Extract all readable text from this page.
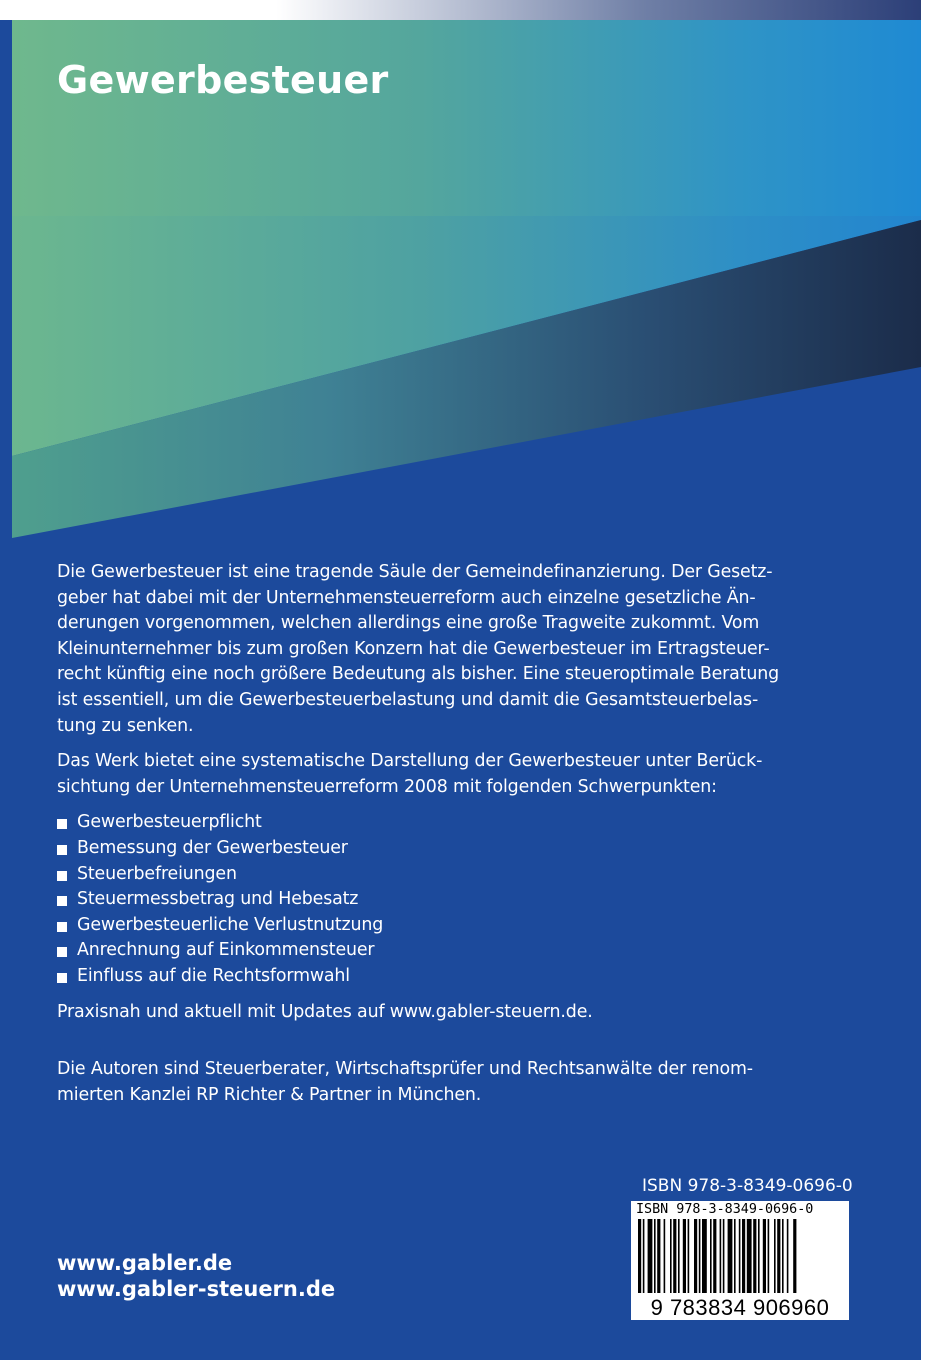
Gewerbesteuer

Die Gewerbesteuer ist eine tragende Säule der Gemeindefinanzierung. Der Gesetz-
geber hat dabei mit der Unternehmensteuerreform auch einzelne gesetzliche Än-
derungen vorgenommen, welchen allerdings eine große Tragweite zukommt. Vom
Kleinunternehmer bis zum großen Konzern hat die Gewerbesteuer im Ertragsteuer-
recht künftig eine noch größere Bedeutung als bisher. Eine steueroptimale Beratung
ist essentiell, um die Gewerbesteuerbelastung und damit die Gesamtsteuerbelas-
tung zu senken.

Das Werk bietet eine systematische Darstellung der Gewerbesteuer unter Berück-
sichtung der Unternehmensteuerreform 2008 mit folgenden Schwerpunkten:

Gewerbesteuerpflicht
Bemessung der Gewerbesteuer
Steuerbefreiungen
Steuermessbetrag und Hebesatz
Gewerbesteuerliche Verlustnutzung
Anrechnung auf Einkommensteuer
Einfluss auf die Rechtsformwahl

Praxisnah und aktuell mit Updates auf www.gabler-steuern.de.

Die Autoren sind Steuerberater, Wirtschaftsprüfer und Rechtsanwälte der renom-
mierten Kanzlei RP Richter & Partner in München.

www.gabler.de
www.gabler-steuern.de
ISBN 978-3-8349-0696-0
ISBN 978-3-8349-0696-0
9 783834 906960
